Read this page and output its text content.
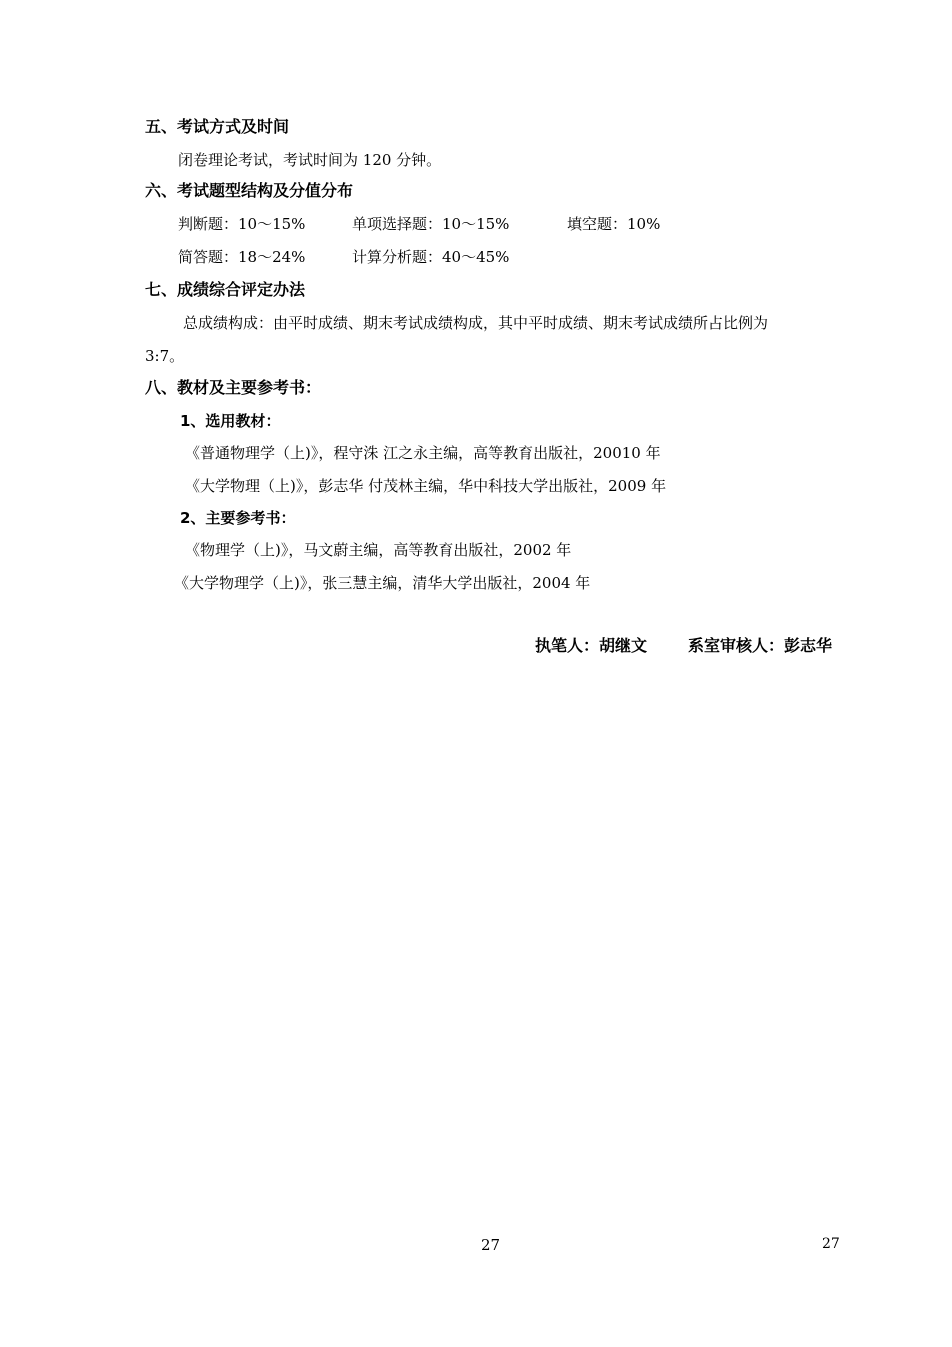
五、考试方式及时间
闭卷理论考试，考试时间为 120 分钟。
六、考试题型结构及分值分布
判断题：10～15%	单项选择题：10～15%	填空题：10%
简答题：18～24%	计算分析题：40～45%
七、成绩综合评定办法
总成绩构成：由平时成绩、期末考试成绩构成，其中平时成绩、期末考试成绩所占比例为
3:7。
八、教材及主要参考书：
1、选用教材：
《普通物理学（上)》，程守洙 江之永主编，高等教育出版社，20010 年
《大学物理（上)》，彭志华 付茂林主编，华中科技大学出版社，2009 年
2、主要参考书：
《物理学（上)》，马文蔚主编，高等教育出版社，2002 年
《大学物理学（上)》，张三慧主编，清华大学出版社，2004 年
执笔人：胡继文	系室审核人：彭志华
27	27
